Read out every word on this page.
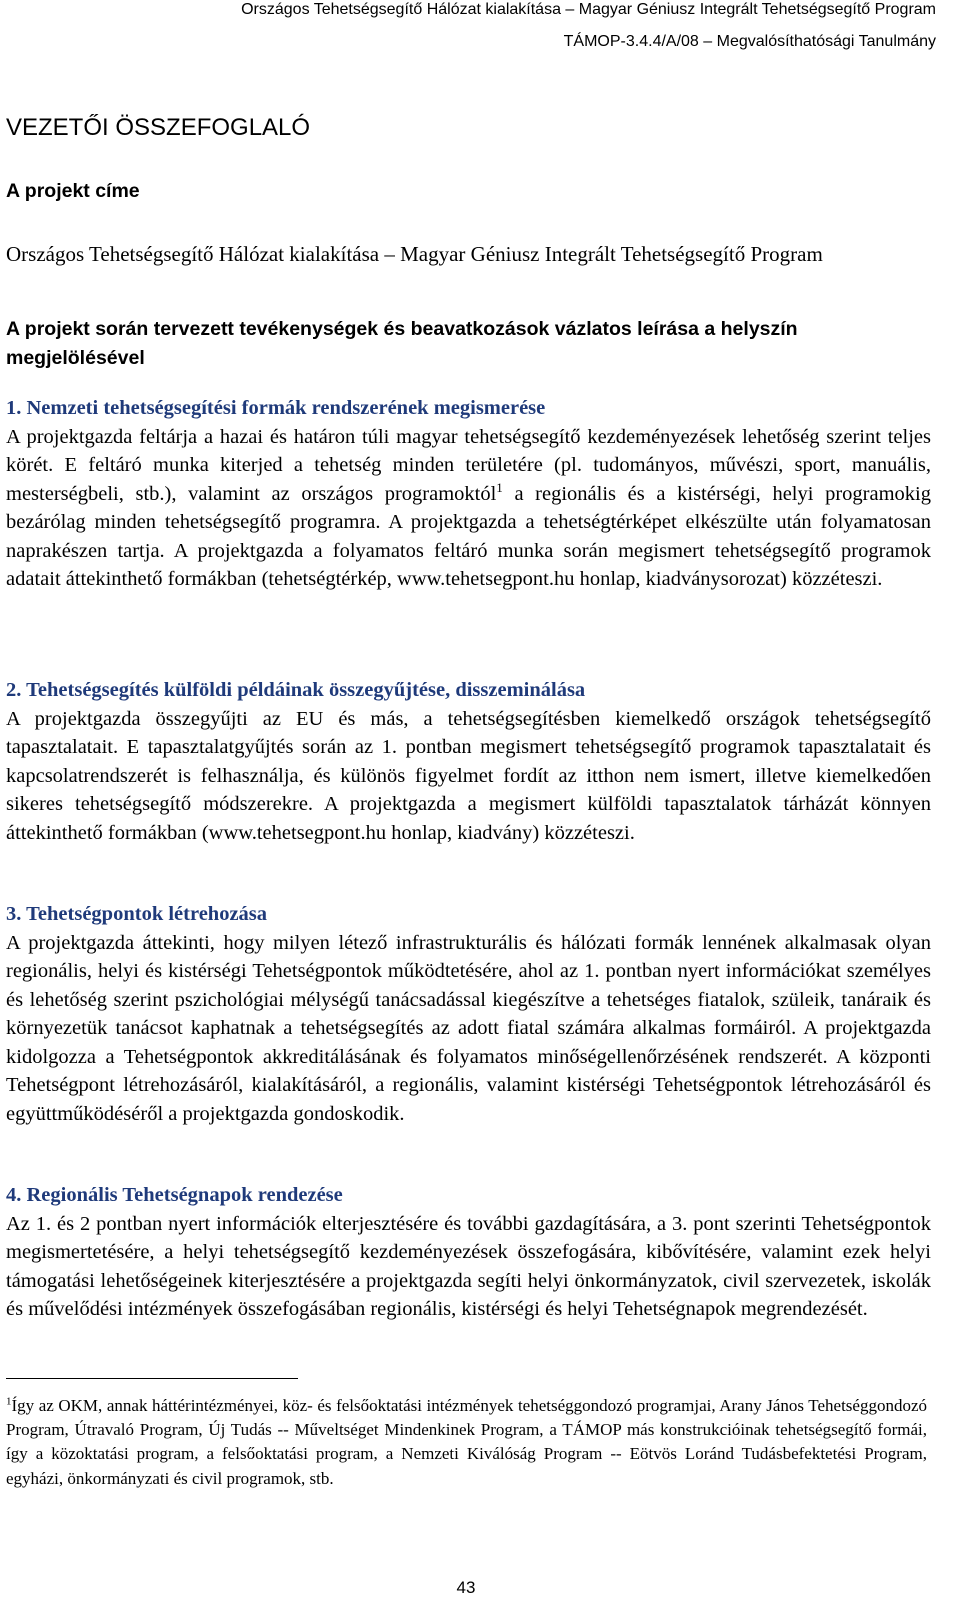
Országos Tehetségsegítő Hálózat kialakítása – Magyar Géniusz Integrált Tehetségsegítő Program
TÁMOP-3.4.4/A/08 – Megvalósíthatósági Tanulmány
VEZETŐI ÖSSZEFOGLALÓ
A projekt címe

Országos Tehetségsegítő Hálózat kialakítása – Magyar Géniusz Integrált Tehetségsegítő Program

A projekt során tervezett tevékenységek és beavatkozások vázlatos leírása a helyszín megjelölésével
1. Nemzeti tehetségsegítési formák rendszerének megismerése

A projektgazda feltárja a hazai és határon túli magyar tehetségsegítő kezdeményezések lehetőség szerint teljes körét. E feltáró munka kiterjed a tehetség minden területére (pl. tudományos, művészi, sport, manuális, mesterségbeli, stb.), valamint az országos programoktól$^1$ a regionális és a kistérségi, helyi programokig bezárólag minden tehetségsegítő programra. A projektgazda a tehetségtérképet elkészülte után folyamatosan naprakészen tartja. A projektgazda a folyamatos feltáró munka során megismert tehetségsegítő programok adatait áttekinthető formákban (tehetségtérkép, www.tehetsegpont.hu honlap, kiadványsorozat) közzéteszi.

2. Tehetségsegítés külföldi példáinak összegyűjtése, disszeminálása

A projektgazda összegyűjti az EU és más, a tehetségsegítésben kiemelkedő országok tehetségsegítő tapasztalatait. E tapasztalatgyűjtés során az 1. pontban megismert tehetségsegítő programok tapasztalatait és kapcsolatrendszerét is felhasználja, és különös figyelmet fordít az itthon nem ismert, illetve kiemelkedően sikeres tehetségsegítő módszerekre. A projektgazda a megismert külföldi tapasztalatok tárházát könnyen áttekinthető formákban (www.tehetsegpont.hu honlap, kiadvány) közzéteszi.

3. Tehetségpontok létrehozása

A projektgazda áttekinti, hogy milyen létező infrastrukturális és hálózati formák lennének alkalmasak olyan regionális, helyi és kistérségi Tehetségpontok működtetésére, ahol az 1. pontban nyert információkat személyes és lehetőség szerint pszichológiai mélységű tanácsadással kiegészítve a tehetséges fiatalok, szüleik, tanáraik és környezetük tanácsot kaphatnak a tehetségsegítés az adott fiatal számára alkalmas formáiról. A projektgazda kidolgozza a Tehetségpontok akkreditálásának és folyamatos minőségellenőrzésének rendszerét. A központi Tehetségpont létrehozásáról, kialakításáról, a regionális, valamint kistérségi Tehetségpontok létrehozásáról és együttműködéséről a projektgazda gondoskodik.

4. Regionális Tehetségnapok rendezése

Az 1. és 2 pontban nyert információk elterjesztésére és további gazdagítására, a 3. pont szerinti Tehetségpontok megismertetésére, a helyi tehetségsegítő kezdeményezések összefogására, kibővítésére, valamint ezek helyi támogatási lehetőségeinek kiterjesztésére a projektgazda segíti helyi önkormányzatok, civil szervezetek, iskolák és művelődési intézmények összefogásában regionális, kistérségi és helyi Tehetségnapok megrendezését.

$^1$Így az OKM, annak háttérintézményei, köz- és felsőoktatási intézmények tehetséggondozó programjai, Arany János Tehetséggondozó Program, Útravaló Program, Új Tudás -- Műveltséget Mindenkinek Program, a TÁMOP más konstrukcióinak tehetségsegítő formái, így a közoktatási program, a felsőoktatási program, a Nemzeti Kiválóság Program -- Eötvös Loránd Tudásbefektetési Program, egyházi, önkormányzati és civil programok, stb.

43
